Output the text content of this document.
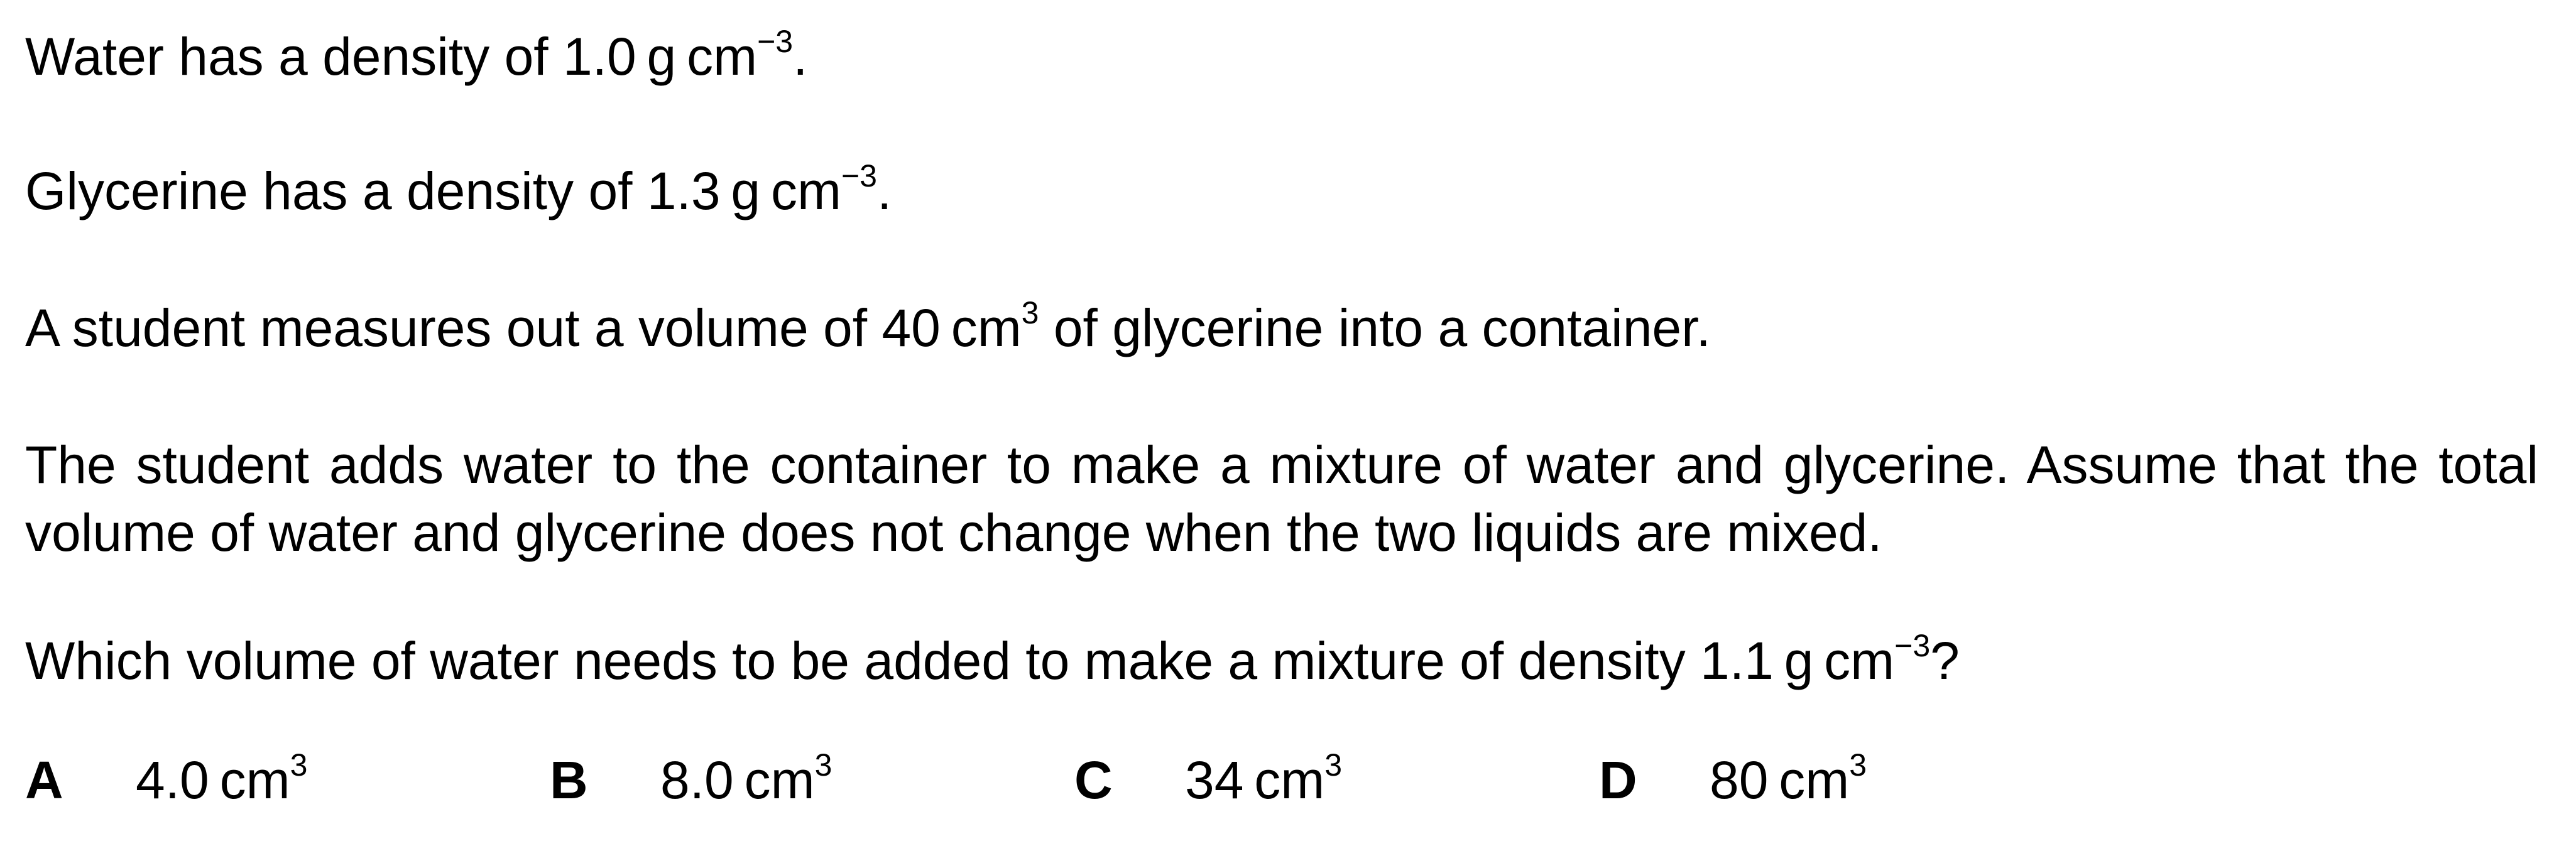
Water has a density of 1.0 g $cm^{-3}$.

Glycerine has a density of 1.3 g $cm^{-3}$.

A student measures out a volume of 40 $cm^3$ of glycerine into a container.

The student adds water to the container to make a mixture of water and glycerine. Assume that the total volume of water and glycerine does not change when the two liquids are mixed.

Which volume of water needs to be added to make a mixture of density 1.1 g $cm^{-3}$?

A 4.0 $cm^3$	B 8.0 $cm^3$	C 34 $cm^3$	D 80 $cm^3$
